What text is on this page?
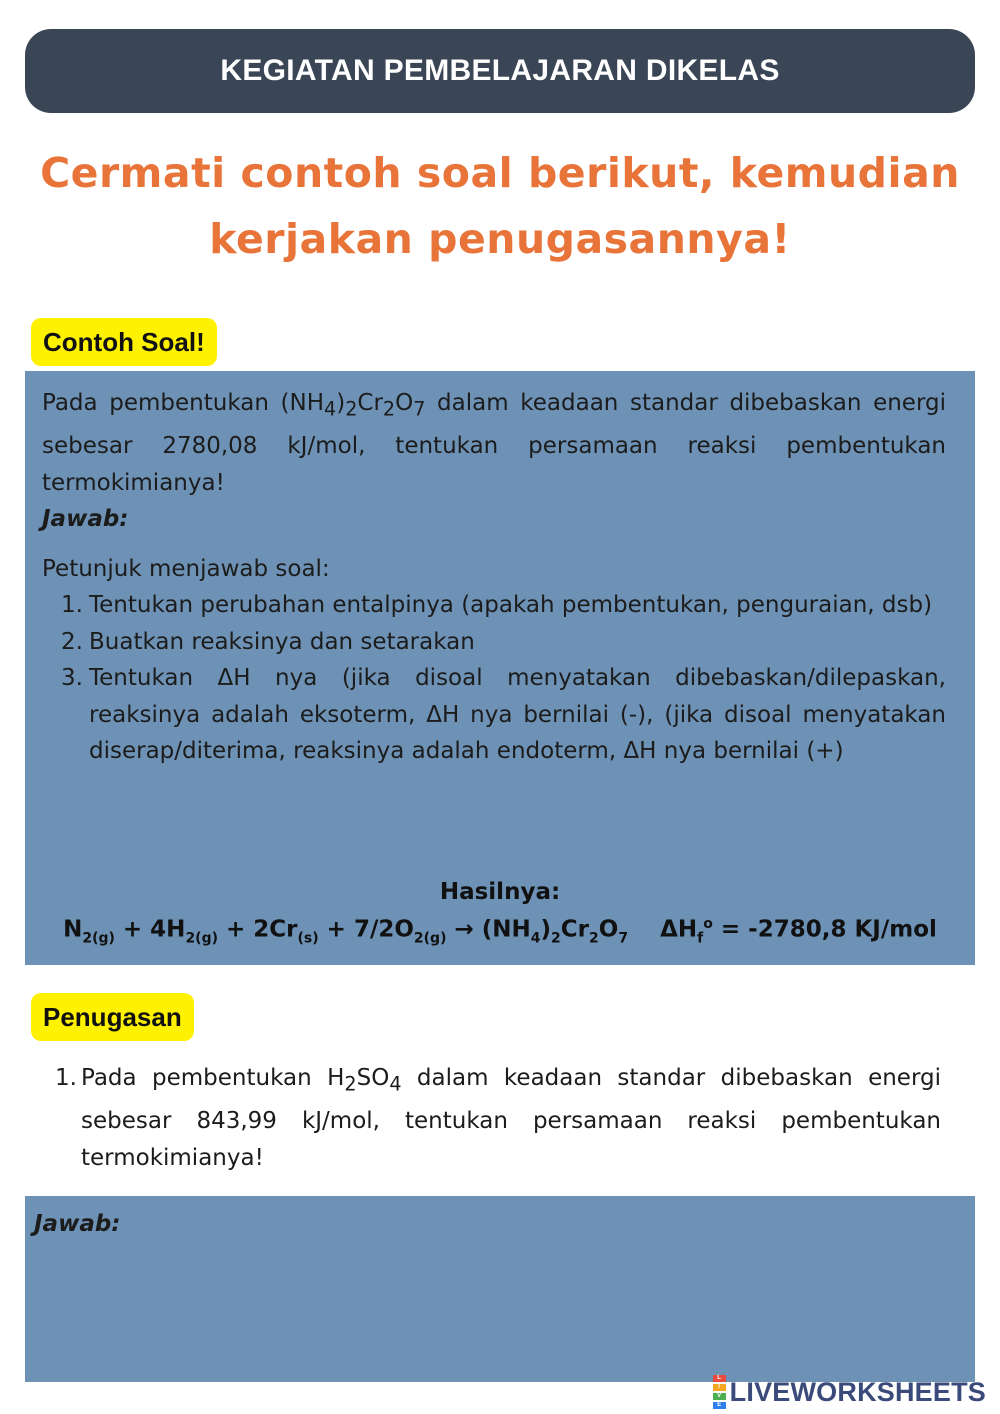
KEGIATAN PEMBELAJARAN DIKELAS
Cermati contoh soal berikut, kemudian
kerjakan penugasannya!
Contoh Soal!

Pada pembentukan $(NH_4)_2Cr_2O_7$ dalam keadaan standar dibebaskan energi sebesar 2780,08 kJ/mol, tentukan persamaan reaksi pembentukan termokimianya!

Jawab:

Petunjuk menjawab soal:

1. Tentukan perubahan entalpinya (apakah pembentukan, penguraian, dsb)
2. Buatkan reaksinya dan setarakan
3. Tentukan ΔH nya (jika disoal menyatakan dibebaskan/dilepaskan, reaksinya adalah eksoterm, ΔH nya bernilai (-), (jika disoal menyatakan diserap/diterima, reaksinya adalah endoterm, ΔH nya bernilai (+)
Hasilnya:
$N_{2(g)} + 4H_{2(g)} + 2Cr_{(s)} + 7/2O_{2(g)} \to (NH_4)_2Cr_2O_7$    $\Delta H_f^o = -2780,8$ KJ/mol
Penugasan
1. Pada pembentukan $H_2SO_4$ dalam keadaan standar dibebaskan energi sebesar 843,99 kJ/mol, tentukan persamaan reaksi pembentukan termokimianya!

Jawab:
L
I
V
E LIVEWORKSHEETS
